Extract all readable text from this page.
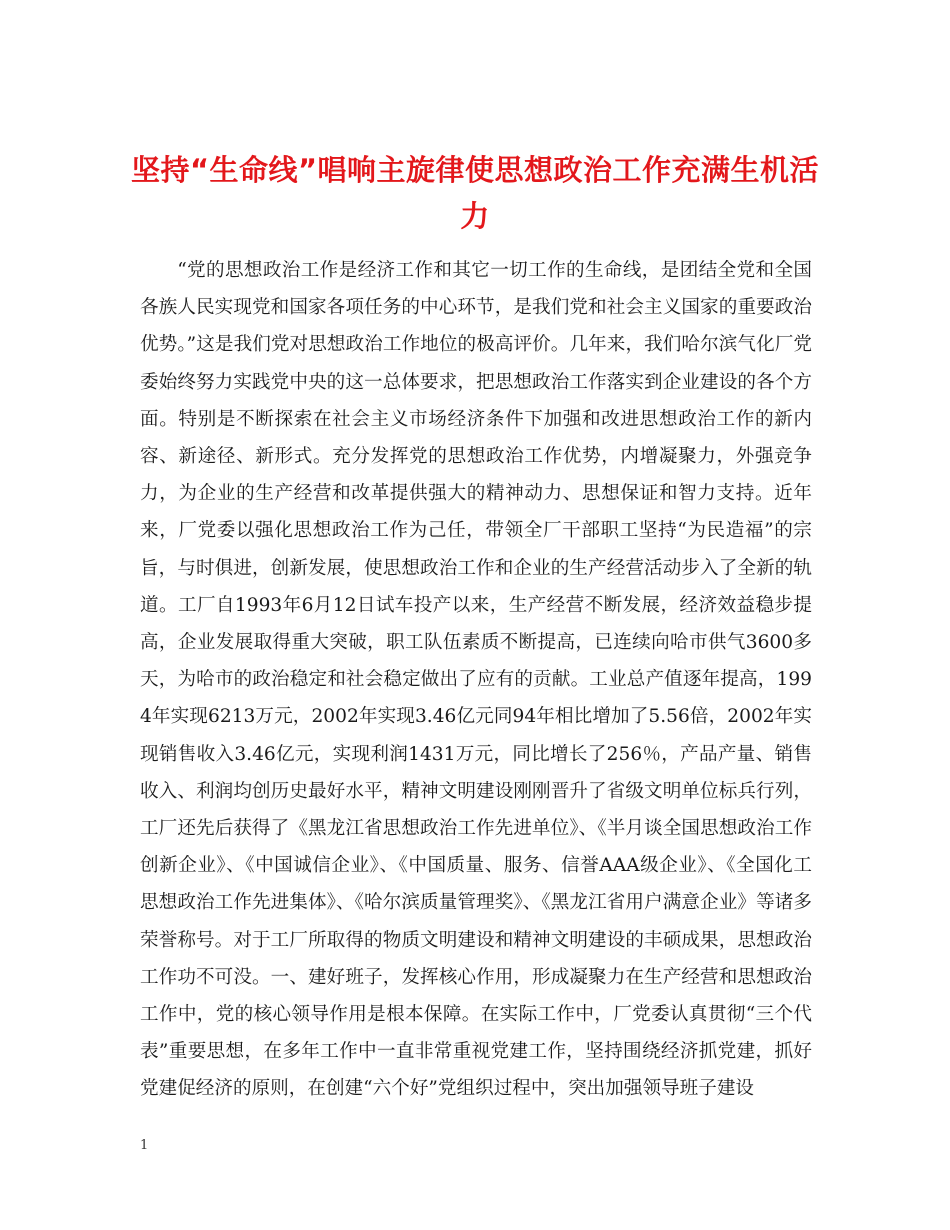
坚持“生命线”唱响主旋律使思想政治工作充满生机活力

“党的思想政治工作是经济工作和其它一切工作的生命线，是团结全党和全国各族人民实现党和国家各项任务的中心环节，是我们党和社会主义国家的重要政治优势。”这是我们党对思想政治工作地位的极高评价。几年来，我们哈尔滨气化厂党委始终努力实践党中央的这一总体要求，把思想政治工作落实到企业建设的各个方面。特别是不断探索在社会主义市场经济条件下加强和改进思想政治工作的新内容、新途径、新形式。充分发挥党的思想政治工作优势，内增凝聚力，外强竞争力，为企业的生产经营和改革提供强大的精神动力、思想保证和智力支持。近年来，厂党委以强化思想政治工作为己任，带领全厂干部职工坚持“为民造福”的宗旨，与时俱进，创新发展，使思想政治工作和企业的生产经营活动步入了全新的轨道。工厂自1993年6月12日试车投产以来，生产经营不断发展，经济效益稳步提高，企业发展取得重大突破，职工队伍素质不断提高，已连续向哈市供气3600多天，为哈市的政治稳定和社会稳定做出了应有的贡献。工业总产值逐年提高，1994年实现6213万元，2002年实现3.46亿元同94年相比增加了5.56倍，2002年实现销售收入3.46亿元，实现利润1431万元，同比增长了256％，产品产量、销售收入、利润均创历史最好水平，精神文明建设刚刚晋升了省级文明单位标兵行列，工厂还先后获得了《黑龙江省思想政治工作先进单位》、《半月谈全国思想政治工作创新企业》、《中国诚信企业》、《中国质量、服务、信誉AAA级企业》、《全国化工思想政治工作先进集体》、《哈尔滨质量管理奖》、《黑龙江省用户满意企业》等诸多荣誉称号。对于工厂所取得的物质文明建设和精神文明建设的丰硕成果，思想政治工作功不可没。一、建好班子，发挥核心作用，形成凝聚力在生产经营和思想政治工作中，党的核心领导作用是根本保障。在实际工作中，厂党委认真贯彻“三个代表”重要思想，在多年工作中一直非常重视党建工作，坚持围绕经济抓党建，抓好党建促经济的原则，在创建“六个好”党组织过程中，突出加强领导班子建设

1
